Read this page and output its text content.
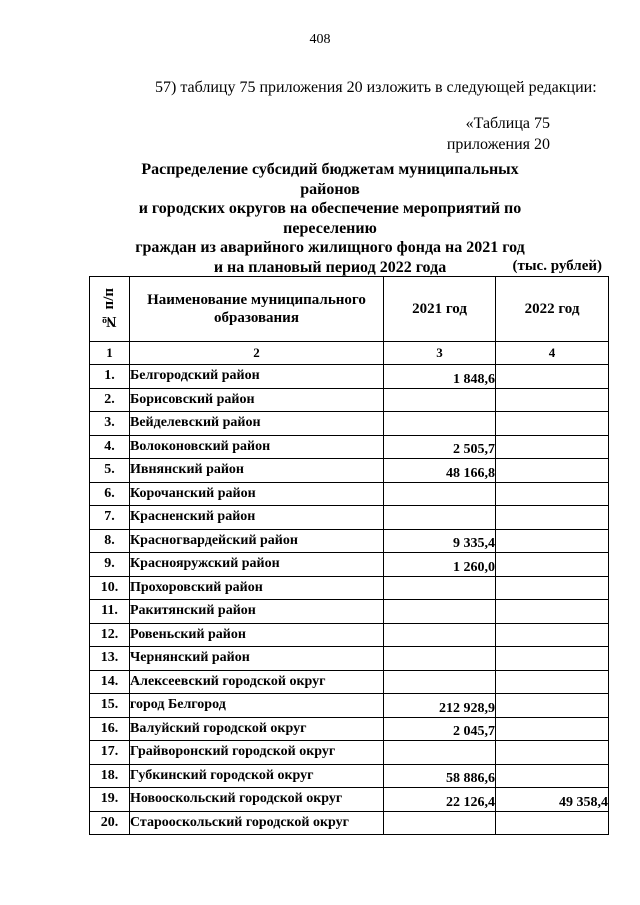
408
57) таблицу 75 приложения 20 изложить в следующей редакции:
«Таблица 75
приложения 20
Распределение субсидий бюджетам муниципальных районов
и городских округов на обеспечение мероприятий по переселению
граждан из аварийного жилищного фонда на 2021 год
и на плановый период 2022 года	(тыс. рублей)
№ п/п	Наименование муниципального образования	2021 год	2022 год
1	2	3	4
1.	Белгородский район	1 848,6	
2.	Борисовский район		
3.	Вейделевский район		
4.	Волоконовский район	2 505,7	
5.	Ивнянский район	48 166,8	
6.	Корочанский район		
7.	Красненский район		
8.	Красногвардейский район	9 335,4	
9.	Краснояружский район	1 260,0	
10.	Прохоровский район		
11.	Ракитянский район		
12.	Ровеньский район		
13.	Чернянский район		
14.	Алексеевский городской округ		
15.	город Белгород	212 928,9	
16.	Валуйский городской округ	2 045,7	
17.	Грайворонский городской округ		
18.	Губкинский городской округ	58 886,6	
19.	Новооскольский городской округ	22 126,4	49 358,4
20.	Старооскольский городской округ		
